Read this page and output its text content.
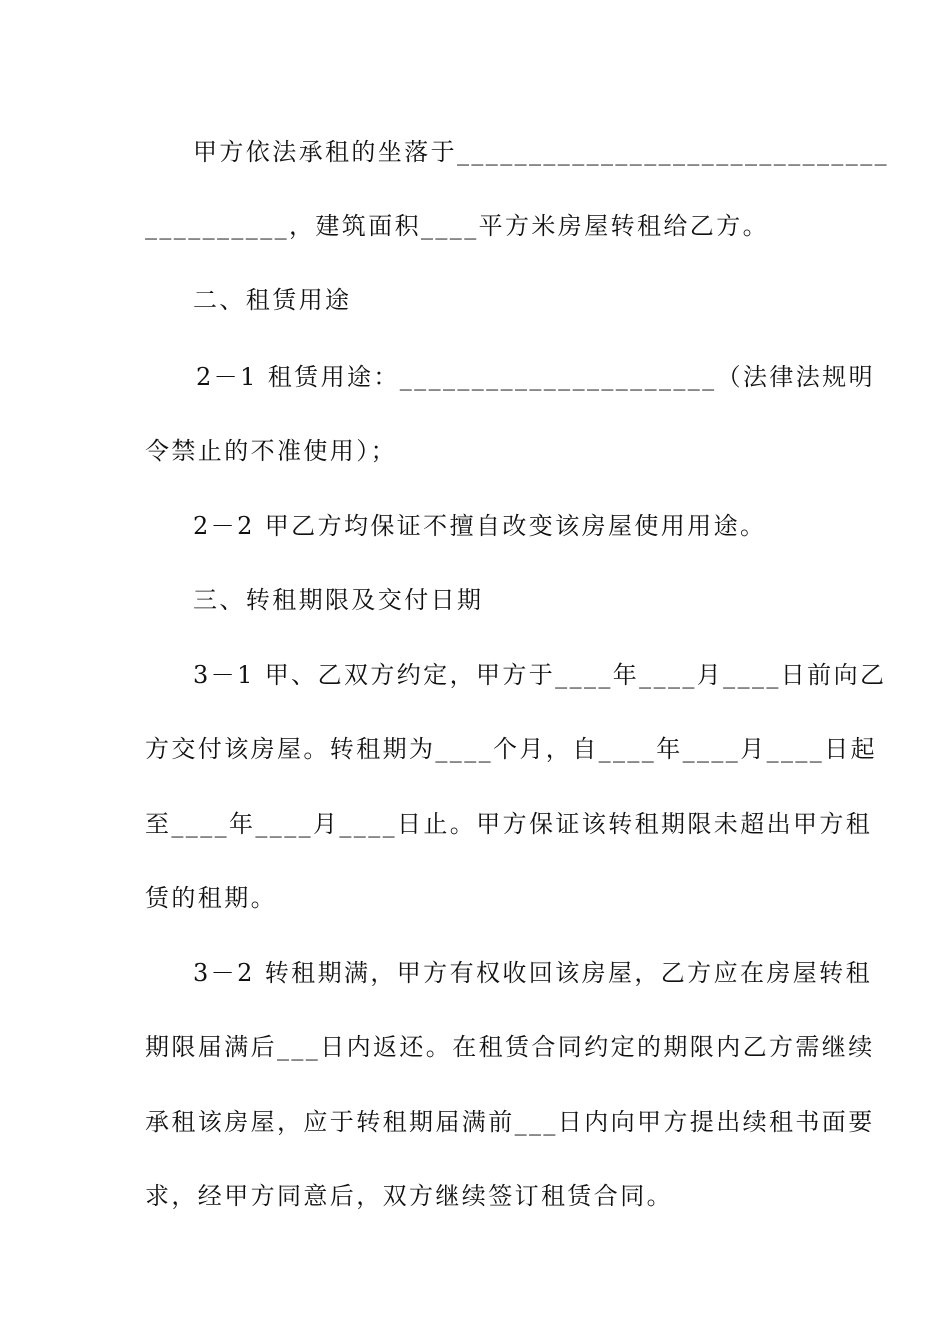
甲方依法承租的坐落于______________________________
__________，建筑面积____平方米房屋转租给乙方。
二、租赁用途
2－1 租赁用途：______________________（法律法规明
令禁止的不准使用）；
2－2 甲乙方均保证不擅自改变该房屋使用用途。
三、转租期限及交付日期
3－1 甲、乙双方约定，甲方于____年____月____日前向乙
方交付该房屋。转租期为____个月，自____年____月____日起
至____年____月____日止。甲方保证该转租期限未超出甲方租
赁的租期。
3－2 转租期满，甲方有权收回该房屋，乙方应在房屋转租
期限届满后___日内返还。在租赁合同约定的期限内乙方需继续
承租该房屋，应于转租期届满前___日内向甲方提出续租书面要
求，经甲方同意后，双方继续签订租赁合同。
